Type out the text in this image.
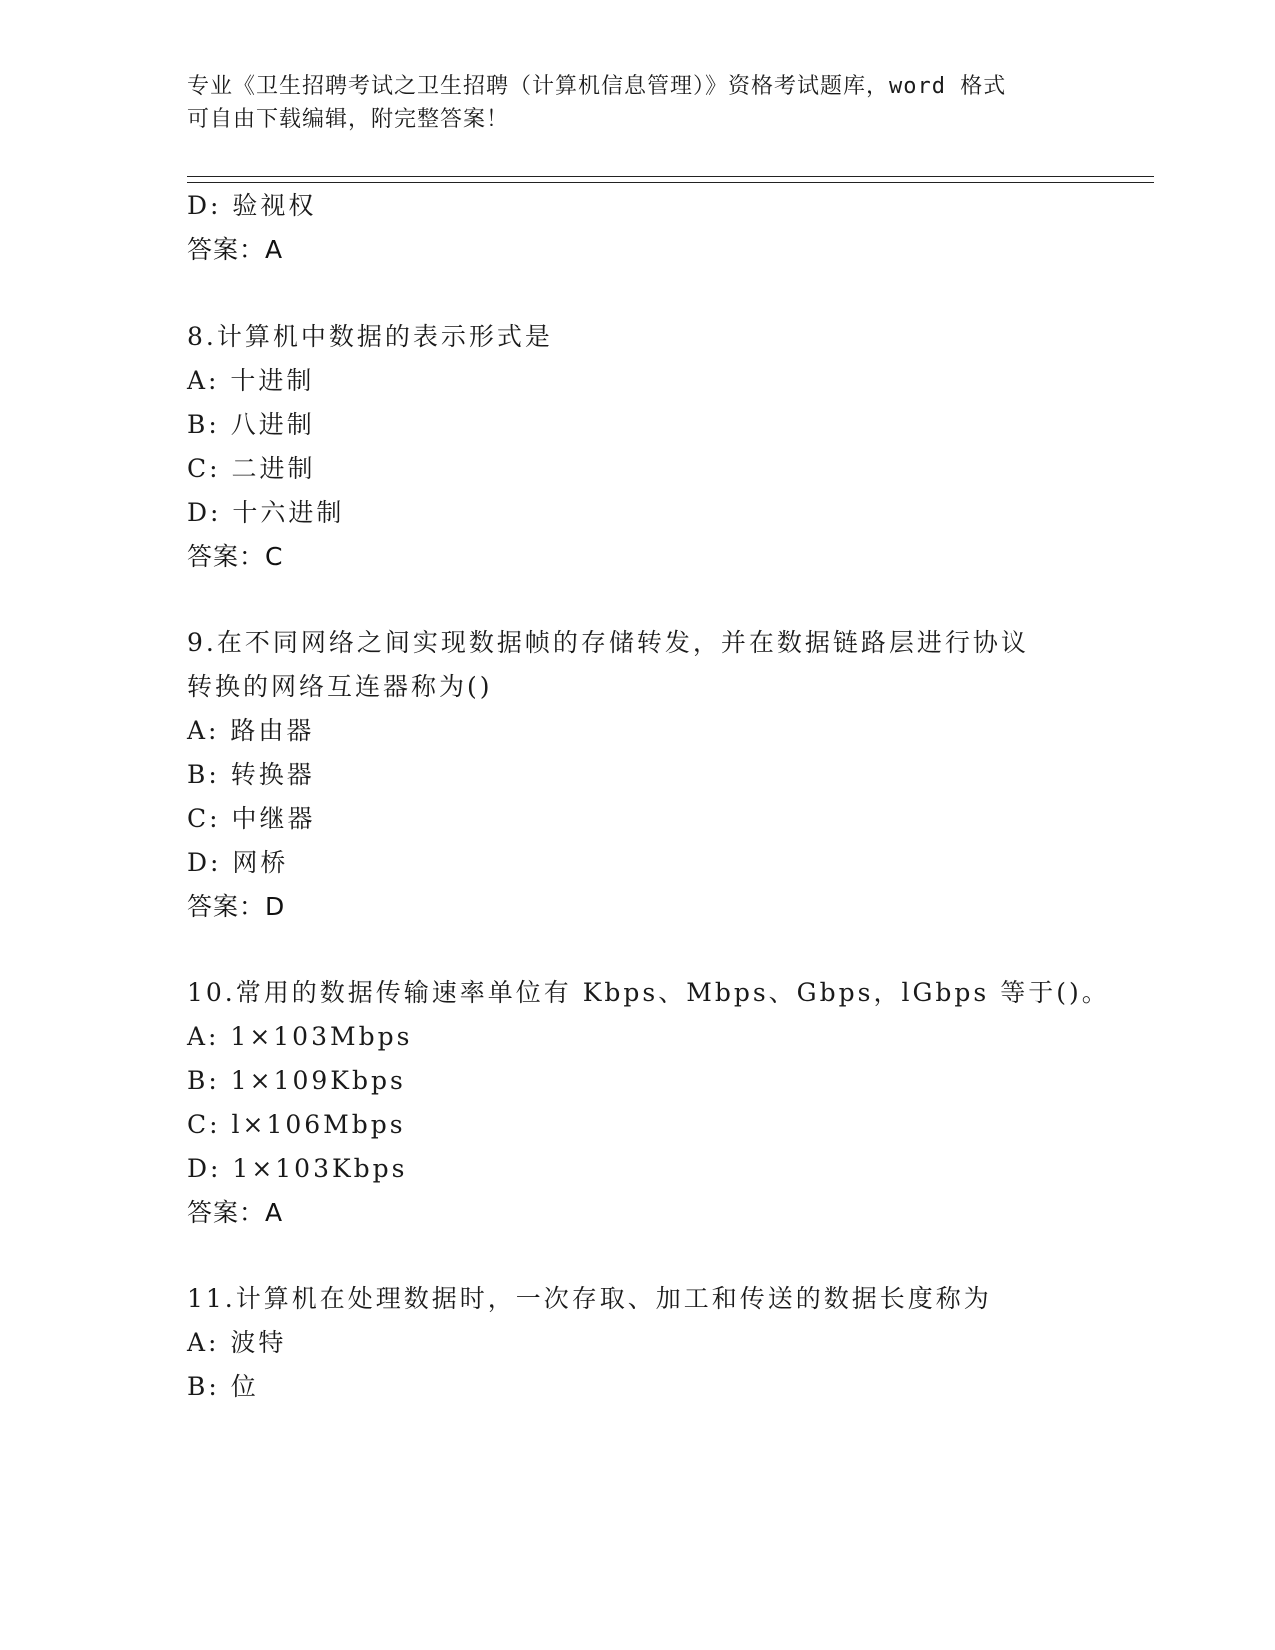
专业《卫生招聘考试之卫生招聘（计算机信息管理）》资格考试题库，word 格式

可自由下载编辑，附完整答案！

D: 验视权
答案：A
8.计算机中数据的表示形式是
A: 十进制
B: 八进制
C: 二进制
D: 十六进制
答案：C
9.在不同网络之间实现数据帧的存储转发，并在数据链路层进行协议
转换的网络互连器称为()
A: 路由器
B: 转换器
C: 中继器
D: 网桥
答案：D
10.常用的数据传输速率单位有 Kbps、Mbps、Gbps，lGbps 等于()。
A: 1×103Mbps
B: 1×109Kbps
C: l×106Mbps
D: 1×103Kbps
答案：A
11.计算机在处理数据时，一次存取、加工和传送的数据长度称为
A: 波特
B: 位
